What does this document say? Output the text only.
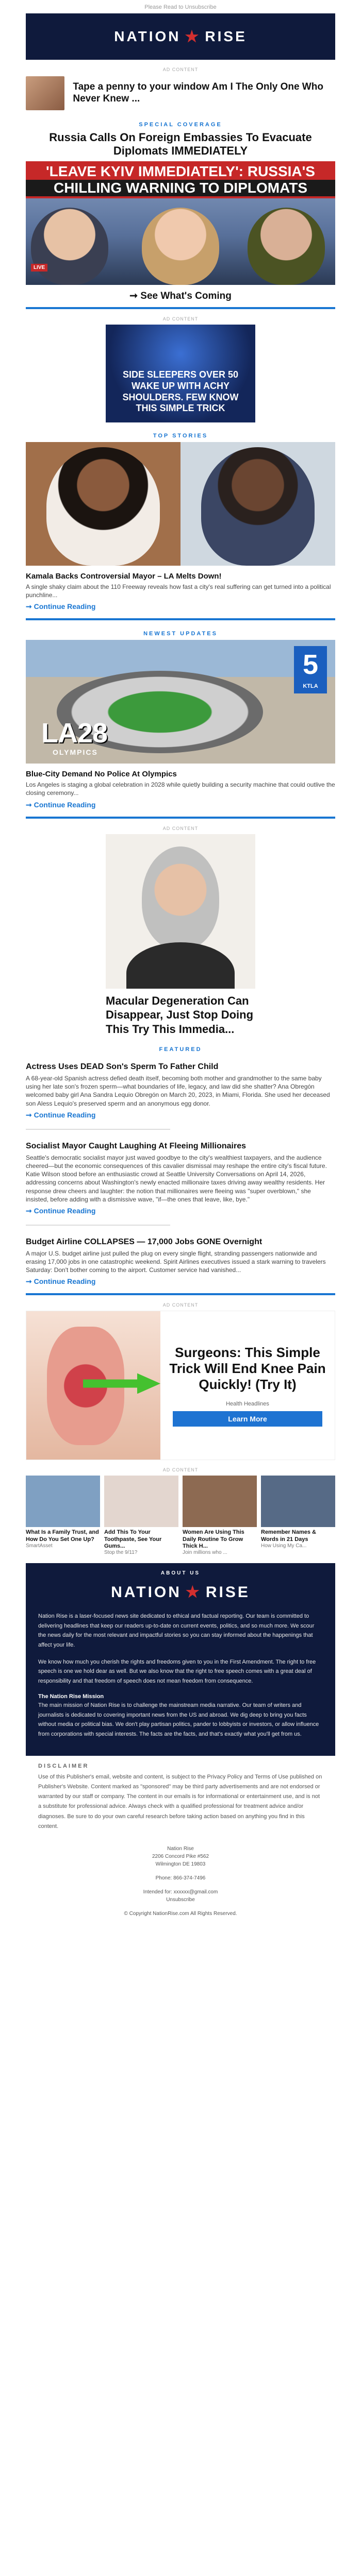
Please Read to Unsubscribe
NATION ★ RISE
AD CONTENT
Tape a penny to your window Am I The Only One Who Never Knew ...
SPECIAL COVERAGE
Russia Calls On Foreign Embassies To Evacuate Diplomats IMMEDIATELY
'LEAVE KYIV IMMEDIATELY': RUSSIA'S
CHILLING WARNING TO DIPLOMATS
LIVE
➞ See What's Coming
AD CONTENT
SIDE SLEEPERS OVER 50 WAKE UP WITH ACHY SHOULDERS. FEW KNOW THIS SIMPLE TRICK
TOP STORIES
Kamala Backs Controversial Mayor – LA Melts Down!
A single shaky claim about the 110 Freeway reveals how fast a city's real suffering can get turned into a political punchline...
➞ Continue Reading
NEWEST UPDATES
LA28
OLYMPICS
5
KTLA
Blue-City Demand No Police At Olympics
Los Angeles is staging a global celebration in 2028 while quietly building a security machine that could outlive the closing ceremony...
➞ Continue Reading
AD CONTENT
Macular Degeneration Can Disappear, Just Stop Doing This Try This Immedia...
FEATURED
Actress Uses DEAD Son's Sperm To Father Child
A 68-year-old Spanish actress defied death itself, becoming both mother and grandmother to the same baby using her late son's frozen sperm—what boundaries of life, legacy, and law did she shatter? Ana Obregón welcomed baby girl Ana Sandra Lequio Obregón on March 20, 2023, in Miami, Florida. She used her deceased son Aless Lequio's preserved sperm and an anonymous egg donor.
➞ Continue Reading
Socialist Mayor Caught Laughing At Fleeing Millionaires
Seattle's democratic socialist mayor just waved goodbye to the city's wealthiest taxpayers, and the audience cheered—but the economic consequences of this cavalier dismissal may reshape the entire city's fiscal future. Katie Wilson stood before an enthusiastic crowd at Seattle University Conversations on April 14, 2026, addressing concerns about Washington's newly enacted millionaire taxes driving away wealthy residents. Her response drew cheers and laughter: the notion that millionaires were fleeing was "super overblown," she insisted, before adding with a dismissive wave, "if—the ones that leave, like, bye."
➞ Continue Reading
Budget Airline COLLAPSES — 17,000 Jobs GONE Overnight
A major U.S. budget airline just pulled the plug on every single flight, stranding passengers nationwide and erasing 17,000 jobs in one catastrophic weekend. Spirit Airlines executives issued a stark warning to travelers Saturday: Don't bother coming to the airport. Customer service had vanished...
➞ Continue Reading
AD CONTENT
Surgeons: This Simple Trick Will End Knee Pain Quickly! (Try It)
Health Headlines
Learn More
AD CONTENT
What Is a Family Trust, and How Do You Set One Up?
SmartAsset
Add This To Your Toothpaste, See Your Gums...
Stop the 9/11?
Women Are Using This Daily Routine To Grow Thick H...
Join millions who ...
Remember Names & Words in 21 Days
How Using My Ca...
ABOUT US
NATION ★ RISE

Nation Rise is a laser-focused news site dedicated to ethical and factual reporting. Our team is committed to delivering headlines that keep our readers up-to-date on current events, politics, and so much more. We scour the news daily for the most relevant and impactful stories so you can stay informed about the happenings that affect your life.

We know how much you cherish the rights and freedoms given to you in the First Amendment. The right to free speech is one we hold dear as well. But we also know that the right to free speech comes with a great deal of responsibility and that freedom of speech does not mean freedom from consequence.

The Nation Rise Mission

The main mission of Nation Rise is to challenge the mainstream media narrative. Our team of writers and journalists is dedicated to covering important news from the US and abroad. We dig deep to bring you facts without media or political bias. We don't play partisan politics, pander to lobbyists or investors, or allow influence from corporations with special interests. The facts are the facts, and that's exactly what you'll get from us.

DISCLAIMER

Use of this Publisher's email, website and content, is subject to the Privacy Policy and Terms of Use published on Publisher's Website. Content marked as "sponsored" may be third party advertisements and are not endorsed or warranted by our staff or company. The content in our emails is for informational or entertainment use, and is not a substitute for professional advice. Always check with a qualified professional for treatment advice and/or diagnoses. Be sure to do your own careful research before taking action based on anything you find in this content.

Nation Rise
2206 Concord Pike #562
Wilmington DE 19803
Phone: 866-374-7496
Intended for: xxxxxx@gmail.com
Unsubscribe
© Copyright NationRise.com All Rights Reserved.
